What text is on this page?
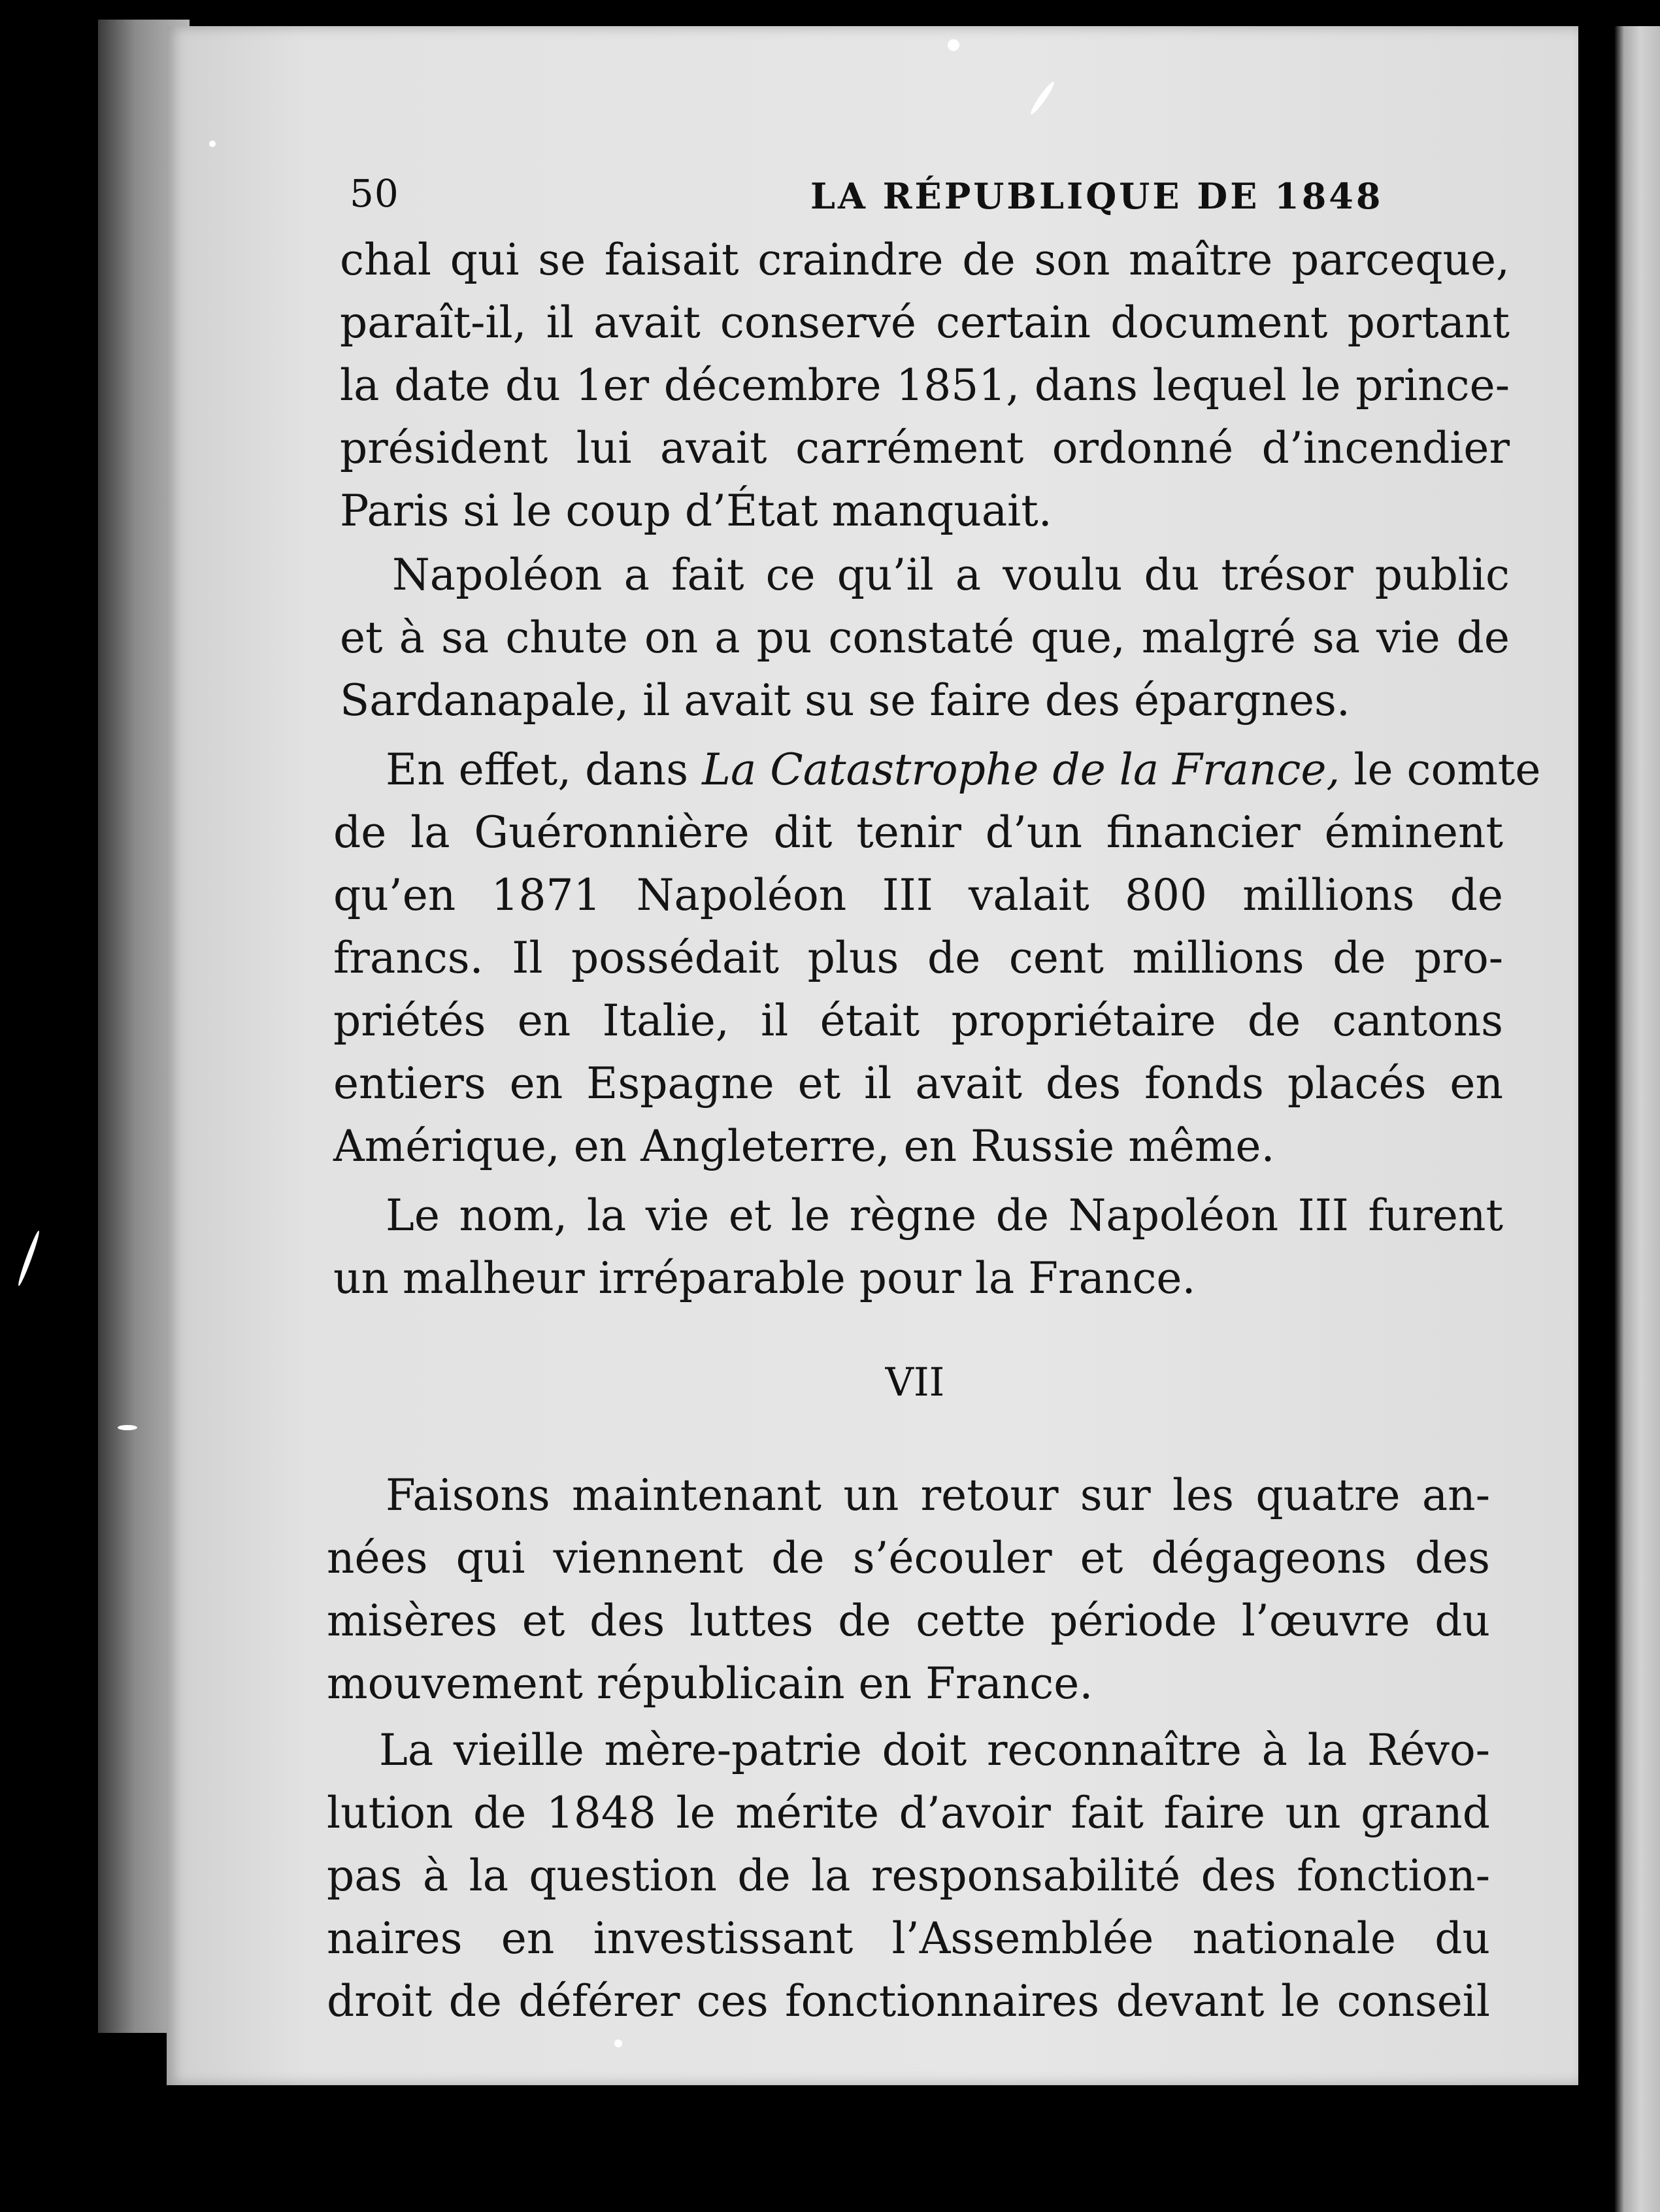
50	LA RÉPUBLIQUE DE 1848
chal qui se faisait craindre de son maître parceque,
paraît-il, il avait conservé certain document portant
la date du 1er décembre 1851, dans lequel le prince-
président lui avait carrément ordonné d’incendier
Paris si le coup d’État manquait.
Napoléon a fait ce qu’il a voulu du trésor public
et à sa chute on a pu constaté que, malgré sa vie de
Sardanapale, il avait su se faire des épargnes.
En effet, dans La Catastrophe de la France, le comte
de la Guéronnière dit tenir d’un financier éminent
qu’en 1871 Napoléon III valait 800 millions de
francs. Il possédait plus de cent millions de pro-
priétés en Italie, il était propriétaire de cantons
entiers en Espagne et il avait des fonds placés en
Amérique, en Angleterre, en Russie même.
Le nom, la vie et le règne de Napoléon III furent
un malheur irréparable pour la France.
VII
Faisons maintenant un retour sur les quatre an-
nées qui viennent de s’écouler et dégageons des
misères et des luttes de cette période l’œuvre du
mouvement républicain en France.
La vieille mère-patrie doit reconnaître à la Révo-
lution de 1848 le mérite d’avoir fait faire un grand
pas à la question de la responsabilité des fonction-
naires en investissant l’Assemblée nationale du
droit de déférer ces fonctionnaires devant le conseil
